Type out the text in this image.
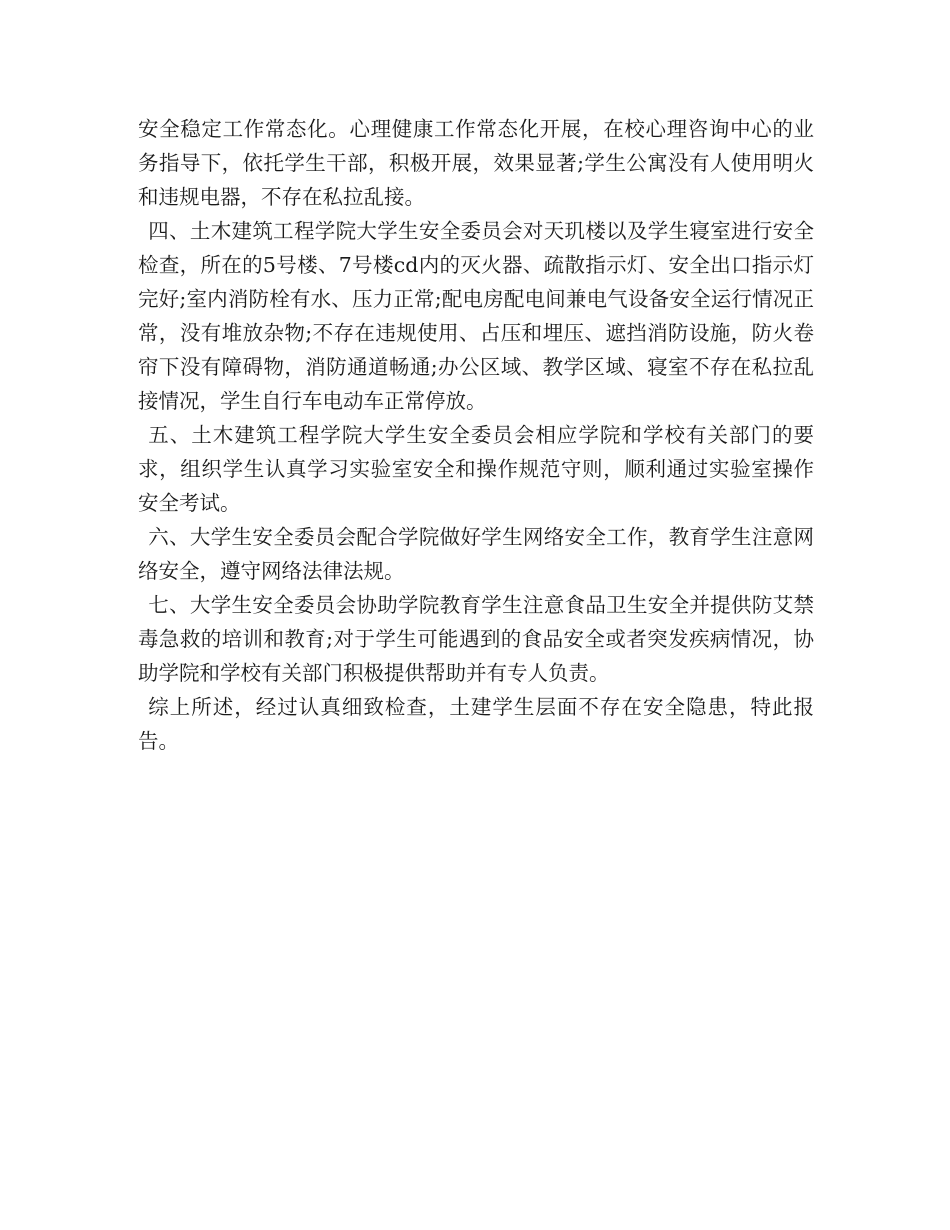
安全稳定工作常态化。心理健康工作常态化开展，在校心理咨询中心的业务指导下，依托学生干部，积极开展，效果显著;学生公寓没有人使用明火和违规电器，不存在私拉乱接。

四、土木建筑工程学院大学生安全委员会对天玑楼以及学生寝室进行安全检查，所在的5号楼、7号楼cd内的灭火器、疏散指示灯、安全出口指示灯完好;室内消防栓有水、压力正常;配电房配电间兼电气设备安全运行情况正常，没有堆放杂物;不存在违规使用、占压和埋压、遮挡消防设施，防火卷帘下没有障碍物，消防通道畅通;办公区域、教学区域、寝室不存在私拉乱接情况，学生自行车电动车正常停放。

五、土木建筑工程学院大学生安全委员会相应学院和学校有关部门的要求，组织学生认真学习实验室安全和操作规范守则，顺利通过实验室操作安全考试。

六、大学生安全委员会配合学院做好学生网络安全工作，教育学生注意网络安全，遵守网络法律法规。

七、大学生安全委员会协助学院教育学生注意食品卫生安全并提供防艾禁毒急救的培训和教育;对于学生可能遇到的食品安全或者突发疾病情况，协助学院和学校有关部门积极提供帮助并有专人负责。

综上所述，经过认真细致检查，土建学生层面不存在安全隐患，特此报告。
